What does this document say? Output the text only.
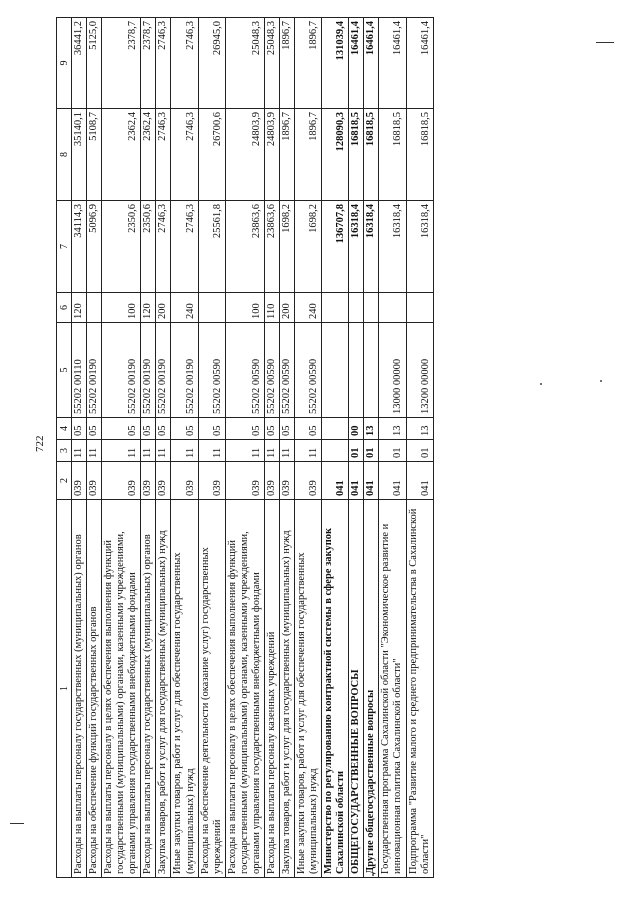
722
1	2	3	4	5	6	7	8	9
Расходы на выплаты персоналу государственных (муниципальных) органов	039	11	05	55202 00110	120	34114,3	35140,1	36441,2
Расходы на обеспечение функций государственных органов	039	11	05	55202 00190		5096,9	5108,7	5125,0
Расходы на выплаты персоналу в целях обеспечения выполнения функций государственными (муниципальными) органами, казенными учреждениями, органами управления государственными внебюджетными фондами	039	11	05	55202 00190	100	2350,6	2362,4	2378,7
Расходы на выплаты персоналу государственных (муниципальных) органов	039	11	05	55202 00190	120	2350,6	2362,4	2378,7
Закупка товаров, работ и услуг для государственных (муниципальных) нужд	039	11	05	55202 00190	200	2746,3	2746,3	2746,3
Иные закупки товаров, работ и услуг для обеспечения государственных (муниципальных) нужд	039	11	05	55202 00190	240	2746,3	2746,3	2746,3
Расходы на обеспечение деятельности (оказание услуг) государственных учреждений	039	11	05	55202 00590		25561,8	26700,6	26945,0
Расходы на выплаты персоналу в целях обеспечения выполнения функций государственными (муниципальными) органами, казенными учреждениями, органами управления государственными внебюджетными фондами	039	11	05	55202 00590	100	23863,6	24803,9	25048,3
Расходы на выплаты персоналу казенных учреждений	039	11	05	55202 00590	110	23863,6	24803,9	25048,3
Закупка товаров, работ и услуг для государственных (муниципальных) нужд	039	11	05	55202 00590	200	1698,2	1896,7	1896,7
Иные закупки товаров, работ и услуг для обеспечения государственных (муниципальных) нужд	039	11	05	55202 00590	240	1698,2	1896,7	1896,7
Министерство по регулированию контрактной системы в сфере закупок Сахалинской области	041					136707,8	128090,3	131039,4
ОБЩЕГОСУДАРСТВЕННЫЕ ВОПРОСЫ	041	01	00			16318,4	16818,5	16461,4
Другие общегосударственные вопросы	041	01	13			16318,4	16818,5	16461,4
Государственная программа Сахалинской области "Экономическое развитие и инновационная политика Сахалинской области"	041	01	13	13000 00000		16318,4	16818,5	16461,4
Подпрограмма "Развитие малого и среднего предпринимательства в Сахалинской области"	041	01	13	13200 00000		16318,4	16818,5	16461,4
